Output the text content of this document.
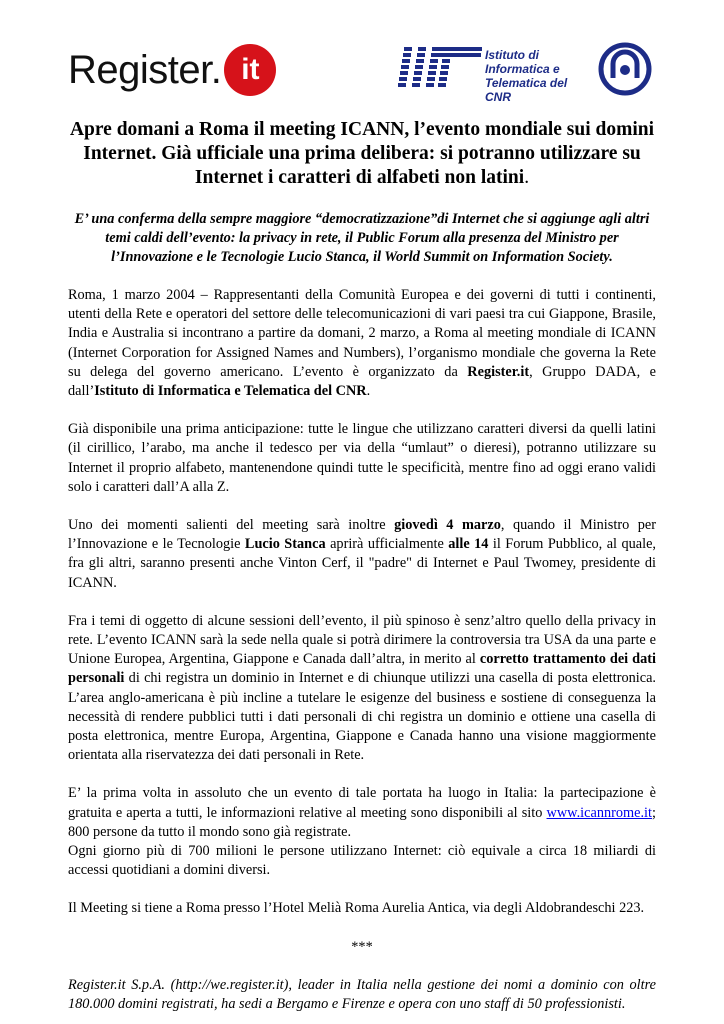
Register. it	Istituto di
Informatica e
Telematica del CNR
Apre domani a Roma il meeting ICANN, l’evento mondiale sui domini Internet. Già ufficiale una prima delibera: si potranno utilizzare su Internet i caratteri di alfabeti non latini.

E’ una conferma della sempre maggiore “democratizzazione”di Internet che si aggiunge agli altri temi caldi dell’evento: la privacy in rete, il Public Forum alla presenza del Ministro per l’Innovazione e le Tecnologie Lucio Stanca, il World Summit on Information Society.

Roma, 1 marzo 2004 – Rappresentanti della Comunità Europea e dei governi di tutti i continenti, utenti della Rete e operatori del settore delle telecomunicazioni di vari paesi tra cui Giappone, Brasile, India e Australia si incontrano a partire da domani, 2 marzo, a Roma al meeting mondiale di ICANN (Internet Corporation for Assigned Names and Numbers), l’organismo mondiale che governa la Rete su delega del governo americano. L’evento è organizzato da Register.it, Gruppo DADA, e dall’Istituto di Informatica e Telematica del CNR.

Già disponibile una prima anticipazione: tutte le lingue che utilizzano caratteri diversi da quelli latini (il cirillico, l’arabo, ma anche il tedesco per via della “umlaut” o dieresi), potranno utilizzare su Internet il proprio alfabeto, mantenendone quindi tutte le specificità, mentre fino ad oggi erano validi solo i caratteri dall’A alla Z.

Uno dei momenti salienti del meeting sarà inoltre giovedì 4 marzo, quando il Ministro per l’Innovazione e le Tecnologie Lucio Stanca aprirà ufficialmente alle 14 il Forum Pubblico, al quale, fra gli altri, saranno presenti anche Vinton Cerf, il "padre" di Internet e Paul Twomey, presidente di ICANN.

Fra i temi di oggetto di alcune sessioni dell’evento, il più spinoso è senz’altro quello della privacy in rete. L’evento ICANN sarà la sede nella quale si potrà dirimere la controversia tra USA da una parte e Unione Europea, Argentina, Giappone e Canada dall’altra, in merito al corretto trattamento dei dati personali di chi registra un dominio in Internet e di chiunque utilizzi una casella di posta elettronica. L’area anglo-americana è più incline a tutelare le esigenze del business e sostiene di conseguenza la necessità di rendere pubblici tutti i dati personali di chi registra un dominio e ottiene una casella di posta elettronica, mentre Europa, Argentina, Giappone e Canada hanno una visione maggiormente orientata alla riservatezza dei dati personali in Rete.

E’ la prima volta in assoluto che un evento di tale portata ha luogo in Italia: la partecipazione è gratuita e aperta a tutti, le informazioni relative al meeting sono disponibili al sito www.icannrome.it; 800 persone da tutto il mondo sono già registrate.

Ogni giorno più di 700 milioni le persone utilizzano Internet: ciò equivale a circa 18 miliardi di accessi quotidiani a domini diversi.

Il Meeting si tiene a Roma presso l’Hotel Melià Roma Aurelia Antica, via degli Aldobrandeschi 223.

***

Register.it S.p.A. (http://we.register.it), leader in Italia nella gestione dei nomi a dominio con oltre 180.000 domini registrati, ha sedi a Bergamo e Firenze e opera con uno staff di 50 professionisti.
